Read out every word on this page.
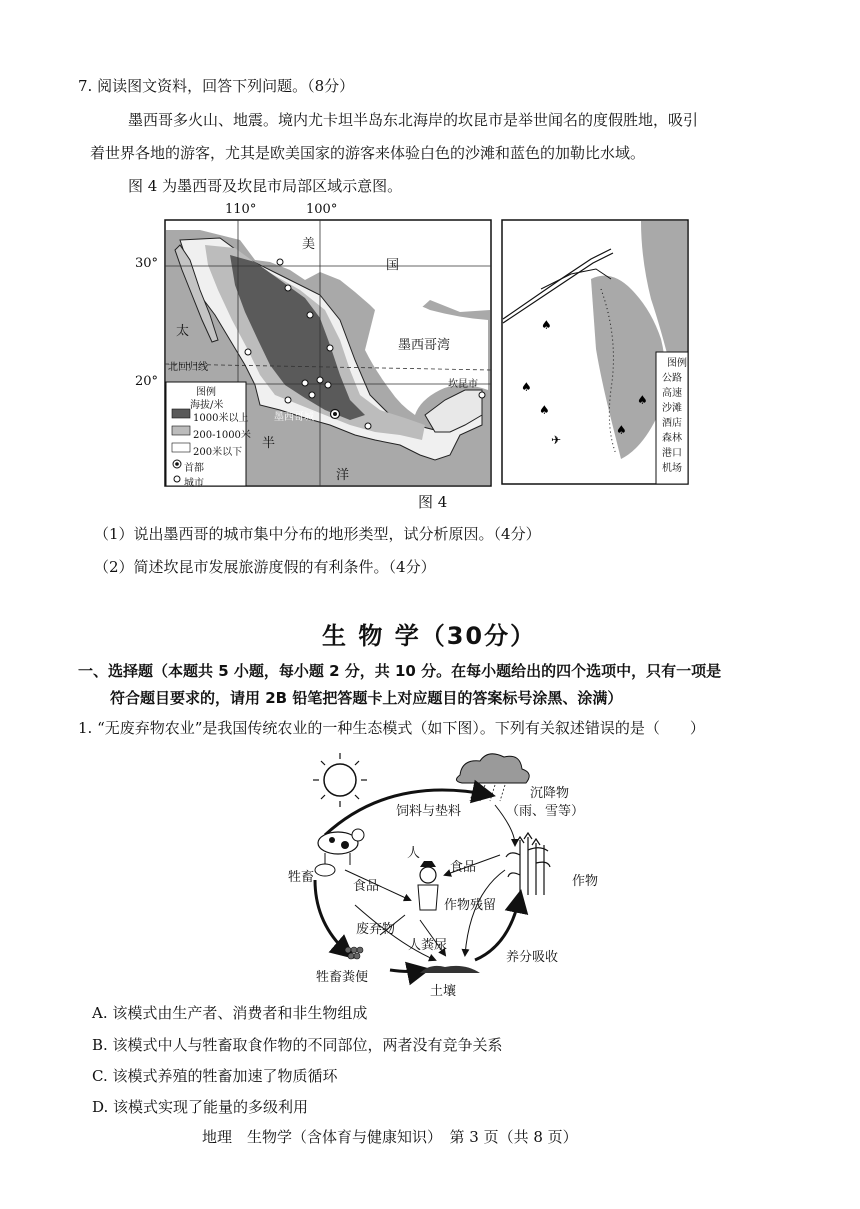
7. 阅读图文资料，回答下列问题。（8分）
墨西哥多火山、地震。境内尤卡坦半岛东北海岸的坎昆市是举世闻名的度假胜地，吸引
着世界各地的游客，尤其是欧美国家的游客来体验白色的沙滩和蓝色的加勒比水域。
图 4 为墨西哥及坎昆市局部区域示意图。
110°	100°
30°
20°
美
国
墨西哥湾
太
北回归线
坎昆市
墨西哥城
半
洋
图例
海拔/米
1000米以上
200-1000米
200米以下
首都
城市
♠
♠
♠
♠
♠
✈
图例
公路
高速
沙滩
酒店
森林
港口
机场
图 4
（1）说出墨西哥的城市集中分布的地形类型，试分析原因。（4分）
（2）简述坎昆市发展旅游度假的有利条件。（4分）
生 物 学（30分）
一、选择题（本题共 5 小题，每小题 2 分，共 10 分。在每小题给出的四个选项中，只有一项是
符合题目要求的，请用 2B 铅笔把答题卡上对应题目的答案标号涂黑、涂满）
1. “无废弃物农业”是我国传统农业的一种生态模式（如下图）。下列有关叙述错误的是（　　）
饲料与垫料
沉降物
（雨、雪等）
人
食品
食品
牲畜	作物
废弃物
作物残留
人粪尿
牲畜粪便
养分吸收
土壤
A. 该模式由生产者、消费者和非生物组成
B. 该模式中人与牲畜取食作物的不同部位，两者没有竞争关系
C. 该模式养殖的牲畜加速了物质循环
D. 该模式实现了能量的多级利用
地理　生物学（含体育与健康知识）　第 3 页（共 8 页）
